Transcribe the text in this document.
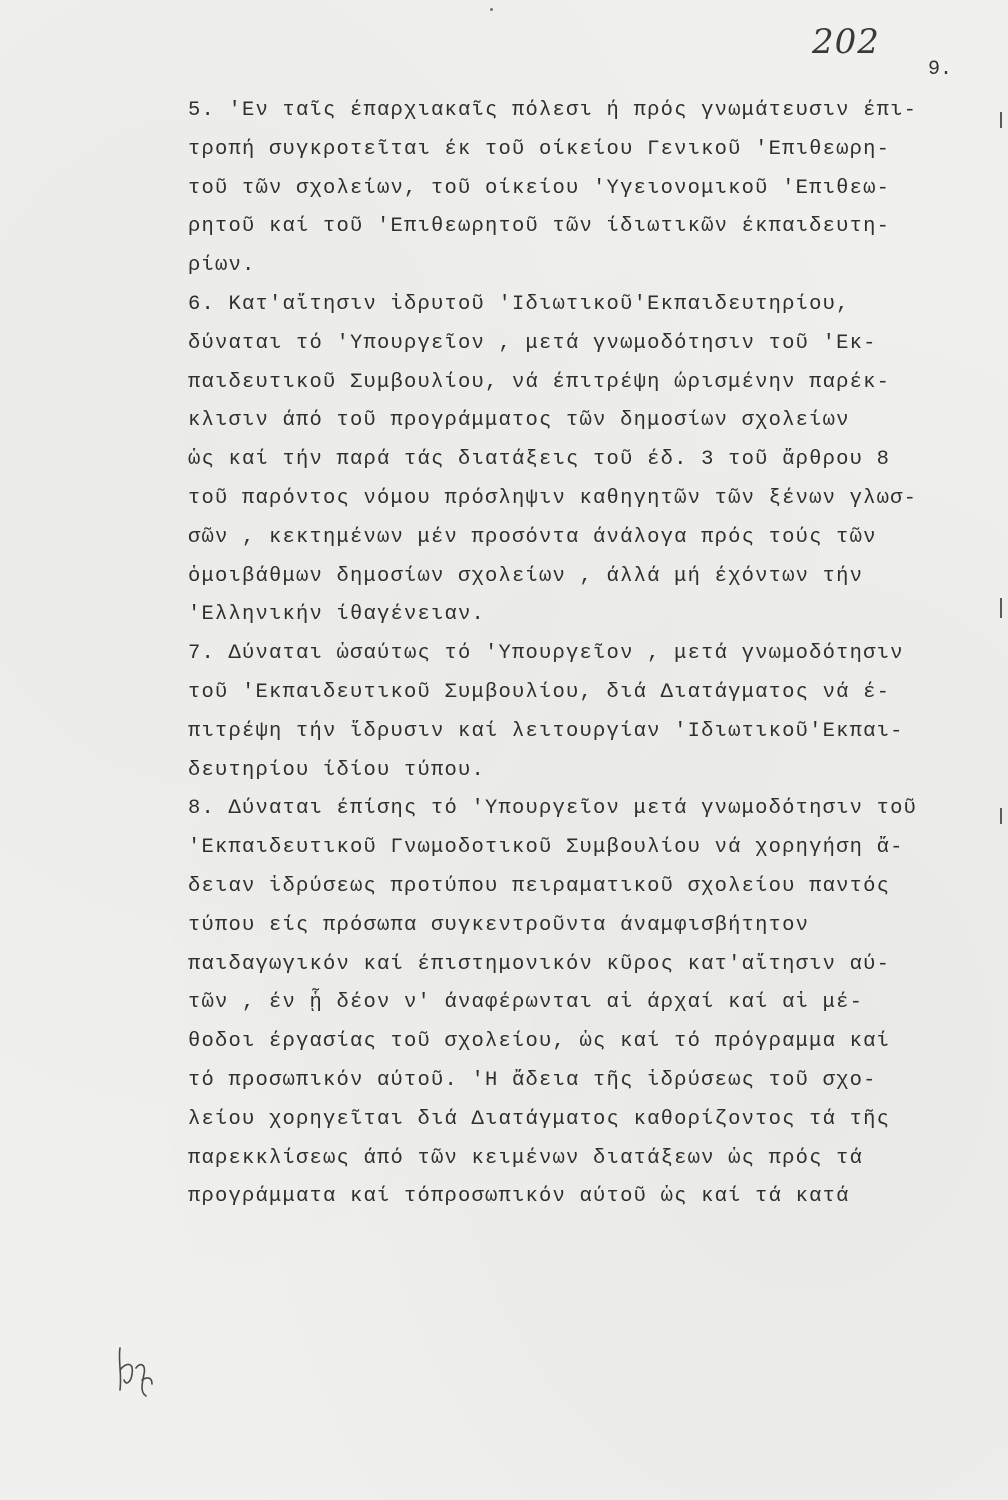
202
9.
5. 'Εν ταῖς έπαρχιακαῖς πόλεσι ή πρός γνωμάτευσιν έπι-
τροπή συγκροτεῖται έκ τοῦ οίκείου Γενικοῦ 'Επιθεωρη-
τοῦ τῶν σχολείων, τοῦ οίκείου 'Υγειονομικοῦ 'Επιθεω-
ρητοῦ καί τοῦ 'Επιθεωρητοῦ τῶν ίδιωτικῶν έκπαιδευτη-
ρίων.
6. Κατ'αἴτησιν ἰδρυτοῦ 'Ιδιωτικοῦ'Εκπαιδευτηρίου,
δύναται τό 'Υπουργεῖον , μετά γνωμοδότησιν τοῦ 'Εκ-
παιδευτικοῦ Συμβουλίου, νά έπιτρέψη ώρισμένην παρέκ-
κλισιν άπό τοῦ προγράμματος τῶν δημοσίων σχολείων
ὡς καί τήν παρά τάς διατάξεις τοῦ έδ. 3 τοῦ ἄρθρου 8
τοῦ παρόντος νόμου πρόσληψιν καθηγητῶν τῶν ξένων γλωσ-
σῶν , κεκτημένων μέν προσόντα άνάλογα πρός τούς τῶν
ὁμοιβάθμων δημοσίων σχολείων , άλλά μή έχόντων τήν
'Ελληνικήν ίθαγένειαν.
7. Δύναται ὡσαύτως τό 'Υπουργεῖον , μετά γνωμοδότησιν
τοῦ 'Εκπαιδευτικοῦ Συμβουλίου, διά Διατάγματος νά έ-
πιτρέψη τήν ἵδρυσιν καί λειτουργίαν 'Ιδιωτικοῦ'Εκπαι-
δευτηρίου ίδίου τύπου.
8. Δύναται έπίσης τό 'Υπουργεῖον μετά γνωμοδότησιν τοῦ
'Εκπαιδευτικοῦ Γνωμοδοτικοῦ Συμβουλίου νά χορηγήση ἄ-
δειαν ἱδρύσεως προτύπου πειραματικοῦ σχολείου παντός
τύπου είς πρόσωπα συγκεντροῦντα άναμφισβήτητον
παιδαγωγικόν καί έπιστημονικόν κῦρος κατ'αἴτησιν αύ-
τῶν , έν ᾗ δέον ν' άναφέρωνται αἱ άρχαί καί αἱ μέ-
θοδοι έργασίας τοῦ σχολείου, ὡς καί τό πρόγραμμα καί
τό προσωπικόν αύτοῦ. 'Η ἄδεια τῆς ἱδρύσεως τοῦ σχο-
λείου χορηγεῖται διά Διατάγματος καθορίζοντος τά τῆς
παρεκκλίσεως άπό τῶν κειμένων διατάξεων ὡς πρός τά
προγράμματα καί τόπροσωπικόν αύτοῦ ὡς καί τά κατά
